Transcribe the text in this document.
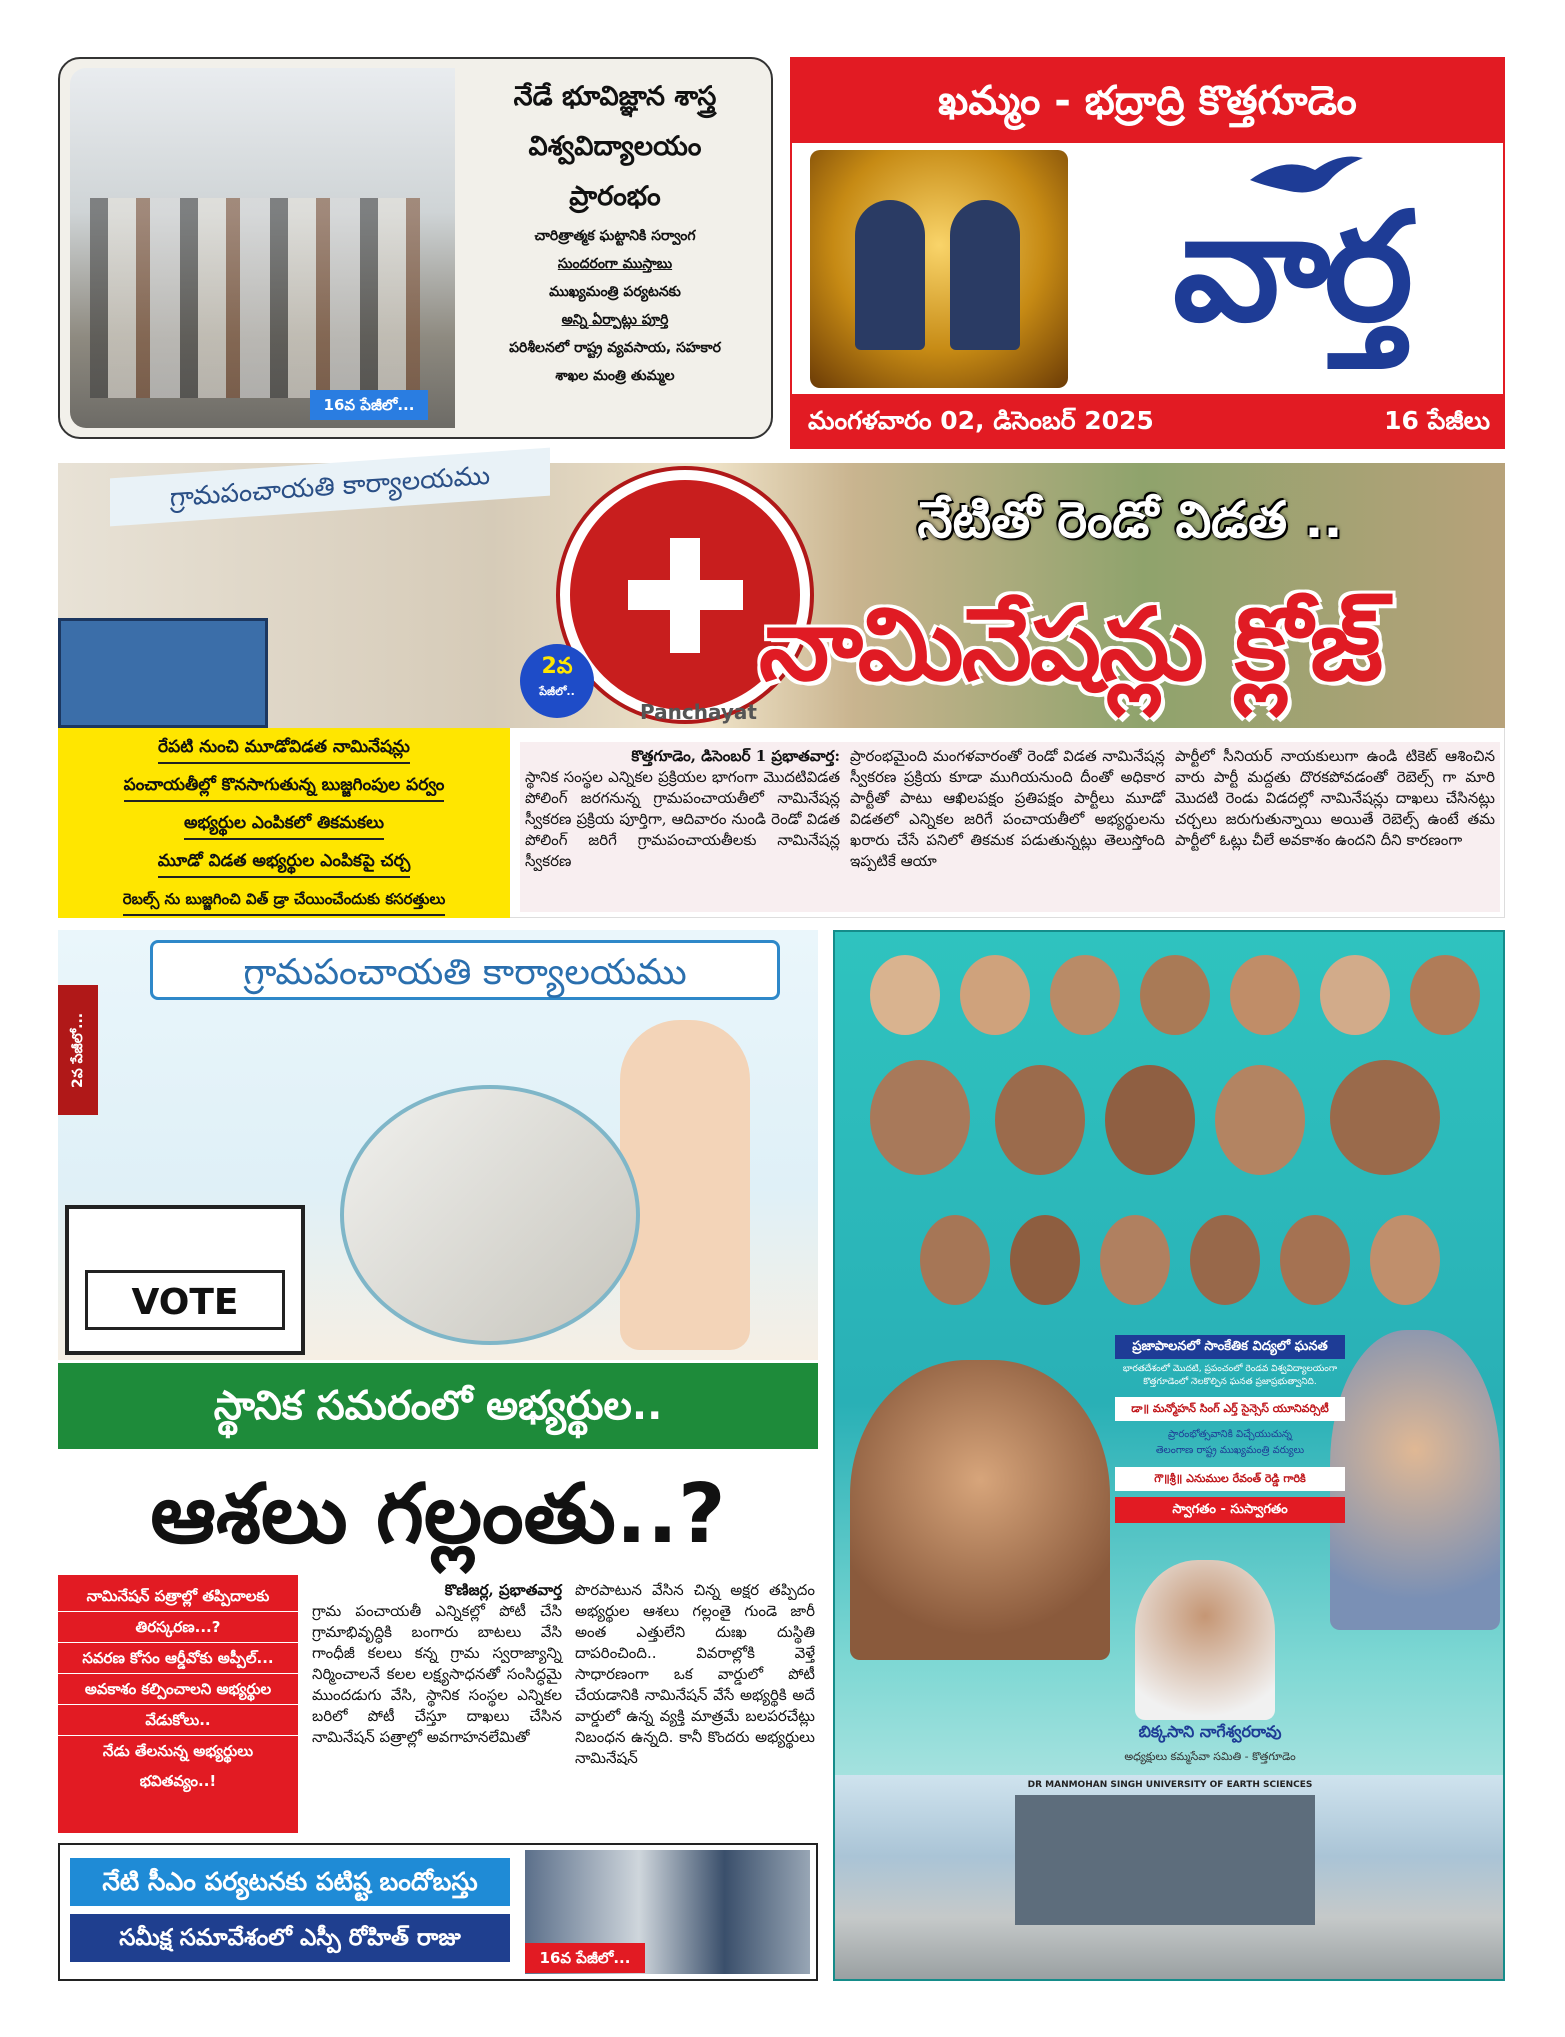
16వ పేజీలో...
నేడే భూవిజ్ఞాన శాస్త్ర
విశ్వవిద్యాలయం
ప్రారంభం
చారిత్రాత్మక ఘట్టానికి సర్వాంగ
సుందరంగా ముస్తాబు
ముఖ్యమంత్రి పర్యటనకు
అన్ని ఏర్పాట్లు పూర్తి
పరిశీలనలో రాష్ట్ర వ్యవసాయ, సహకార
శాఖల మంత్రి తుమ్మల
ఖమ్మం - భద్రాద్రి కొత్తగూడెం
వార్త
మంగళవారం 02, డిసెంబర్ 2025	16 పేజీలు
గ్రామపంచాయతి కార్యాలయము
Panchayat
2వ
పేజీలో..
నేటితో రెండో విడత ..
నామినేషన్లు క్లోజ్
రేపటి నుంచి మూడోవిడత నామినేషన్లు
పంచాయతీల్లో కొనసాగుతున్న బుజ్జగింపుల పర్వం
అభ్యర్థుల ఎంపికలో తికమకలు
మూడో విడత అభ్యర్థుల ఎంపికపై చర్చ
రెబల్స్ ను బుజ్జగించి విత్ డ్రా చేయించేందుకు కసరత్తులు

కొత్తగూడెం, డిసెంబర్ 1 ప్రభాతవార్త:

స్థానిక సంస్థల ఎన్నికల ప్రక్రియల భాగంగా మొదటివిడత పోలింగ్ జరగనున్న గ్రామపంచాయతీలో నామినేషన్ల స్వీకరణ ప్రక్రియ పూర్తిగా, ఆదివారం నుండి రెండో విడత పోలింగ్ జరిగే గ్రామపంచాయతీలకు నామినేషన్ల స్వీకరణ

ప్రారంభమైంది మంగళవారంతో రెండో విడత నామినేషన్ల స్వీకరణ ప్రక్రియ కూడా ముగియనుంది దీంతో అధికార పార్టీతో పాటు ఆఖిలపక్షం ప్రతిపక్షం పార్టీలు మూడో విడతలో ఎన్నికల జరిగే పంచాయతీలో అభ్యర్థులను ఖరారు చేసే పనిలో తికమక పడుతున్నట్లు తెలుస్తోంది ఇప్పటికే ఆయా

పార్టీలో సీనియర్ నాయకులుగా ఉండి టికెట్ ఆశించిన వారు పార్టీ మద్దతు దొరకపోవడంతో రెబెల్స్ గా మారి మొదటి రెండు విడదల్లో నామినేషన్లు దాఖలు చేసినట్లు చర్చలు జరుగుతున్నాయి అయితే రెబెల్స్ ఉంటే తమ పార్టీలో ఓట్లు చీలే అవకాశం ఉందని దీని కారణంగా

గ్రామపంచాయతి కార్యాలయము
2వ పేజీలో...
VOTE
స్థానిక సమరంలో అభ్యర్థుల..
ఆశలు గల్లంతు..?
నామినేషన్ పత్రాల్లో తప్పిదాలకు
తిరస్కరణ...?
సవరణ కోసం ఆర్డీవోకు అప్పీల్...
అవకాశం కల్పించాలని అభ్యర్థుల
వేడుకోలు..
నేడు తేలనున్న అభ్యర్థులు
భవితవ్యం..!

కొణిజర్ల, ప్రభాతవార్త

గ్రామ పంచాయతీ ఎన్నికల్లో పోటీ చేసి గ్రామాభివృద్ధికి బంగారు బాటలు వేసి గాంధీజీ కలలు కన్న గ్రామ స్వరాజ్యాన్ని నిర్మించాలనే కలల లక్ష్యసాధనతో సంసిద్ధమై ముందడుగు వేసి, స్థానిక సంస్థల ఎన్నికల బరిలో పోటీ చేస్తూ దాఖలు చేసిన నామినేషన్ పత్రాల్లో అవగాహనలేమితో

పొరపాటున వేసిన చిన్న అక్షర తప్పిదం అభ్యర్థుల ఆశలు గల్లంతై గుండె జారీ అంత ఎత్తులేని దుఃఖ దుస్థితి దాపరించింది.. వివరాల్లోకి వెళ్తే సాధారణంగా ఒక వార్డులో పోటీ చేయడానికి నామినేషన్ వేసే అభ్యర్థికి అదే వార్డులో ఉన్న వ్యక్తి మాత్రమే బలపరచేట్లు నిబంధన ఉన్నది. కానీ కొందరు అభ్యర్థులు నామినేషన్

నేటి సీఎం పర్యటనకు పటిష్ట బందోబస్తు
సమీక్ష సమావేశంలో ఎస్పీ రోహిత్ రాజు
16వ పేజీలో...
ప్రజాపాలనలో సాంకేతిక విద్యలో ఘనత
భారతదేశంలో మొదటి, ప్రపంచంలో రెండవ విశ్వవిద్యాలయంగా
కొత్తగూడెంలో నెలకొల్పిన ఘనత ప్రజాప్రభుత్వానిది.
డా॥ మన్మోహన్ సింగ్ ఎర్త్ సైన్సెస్ యూనివర్సిటీ
ప్రారంభోత్సవానికి విచ్చేయుచున్న
తెలంగాణ రాష్ట్ర ముఖ్యమంత్రి వర్యులు
గౌ॥శ్రీ॥ ఎనుముల రేవంత్ రెడ్డి గారికి
స్వాగతం - సుస్వాగతం
బిక్కసాని నాగేశ్వరరావు
అధ్యక్షులు కమ్మసేవా సమితి - కొత్తగూడెం
DR MANMOHAN SINGH UNIVERSITY OF EARTH SCIENCES
